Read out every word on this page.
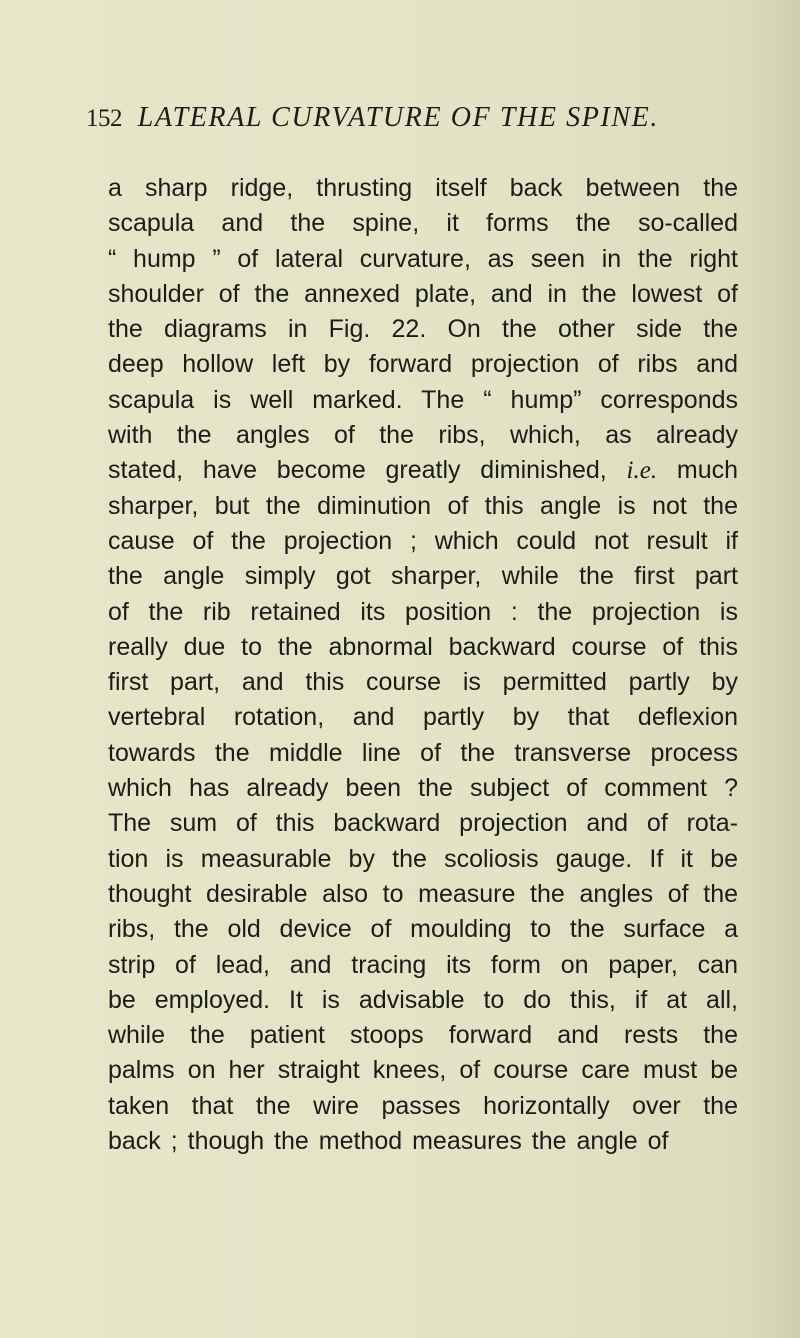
152 LATERAL CURVATURE OF THE SPINE.
a sharp ridge, thrusting itself back between the
scapula and the spine, it forms the so-called
“ hump ” of lateral curvature, as seen in the right
shoulder of the annexed plate, and in the lowest of
the diagrams in Fig. 22. On the other side the
deep hollow left by forward projection of ribs and
scapula is well marked. The “ hump” corresponds
with the angles of the ribs, which, as already
stated, have become greatly diminished, i.e. much
sharper, but the diminution of this angle is not the
cause of the projection ; which could not result if
the angle simply got sharper, while the first part
of the rib retained its position : the projection is
really due to the abnormal backward course of this
first part, and this course is permitted partly by
vertebral rotation, and partly by that deflexion
towards the middle line of the transverse process
which has already been the subject of comment ?
The sum of this backward projection and of rota-
tion is measurable by the scoliosis gauge. If it be
thought desirable also to measure the angles of the
ribs, the old device of moulding to the surface a
strip of lead, and tracing its form on paper, can
be employed. It is advisable to do this, if at all,
while the patient stoops forward and rests the
palms on her straight knees, of course care must be
taken that the wire passes horizontally over the
back ; though the method measures the angle of
